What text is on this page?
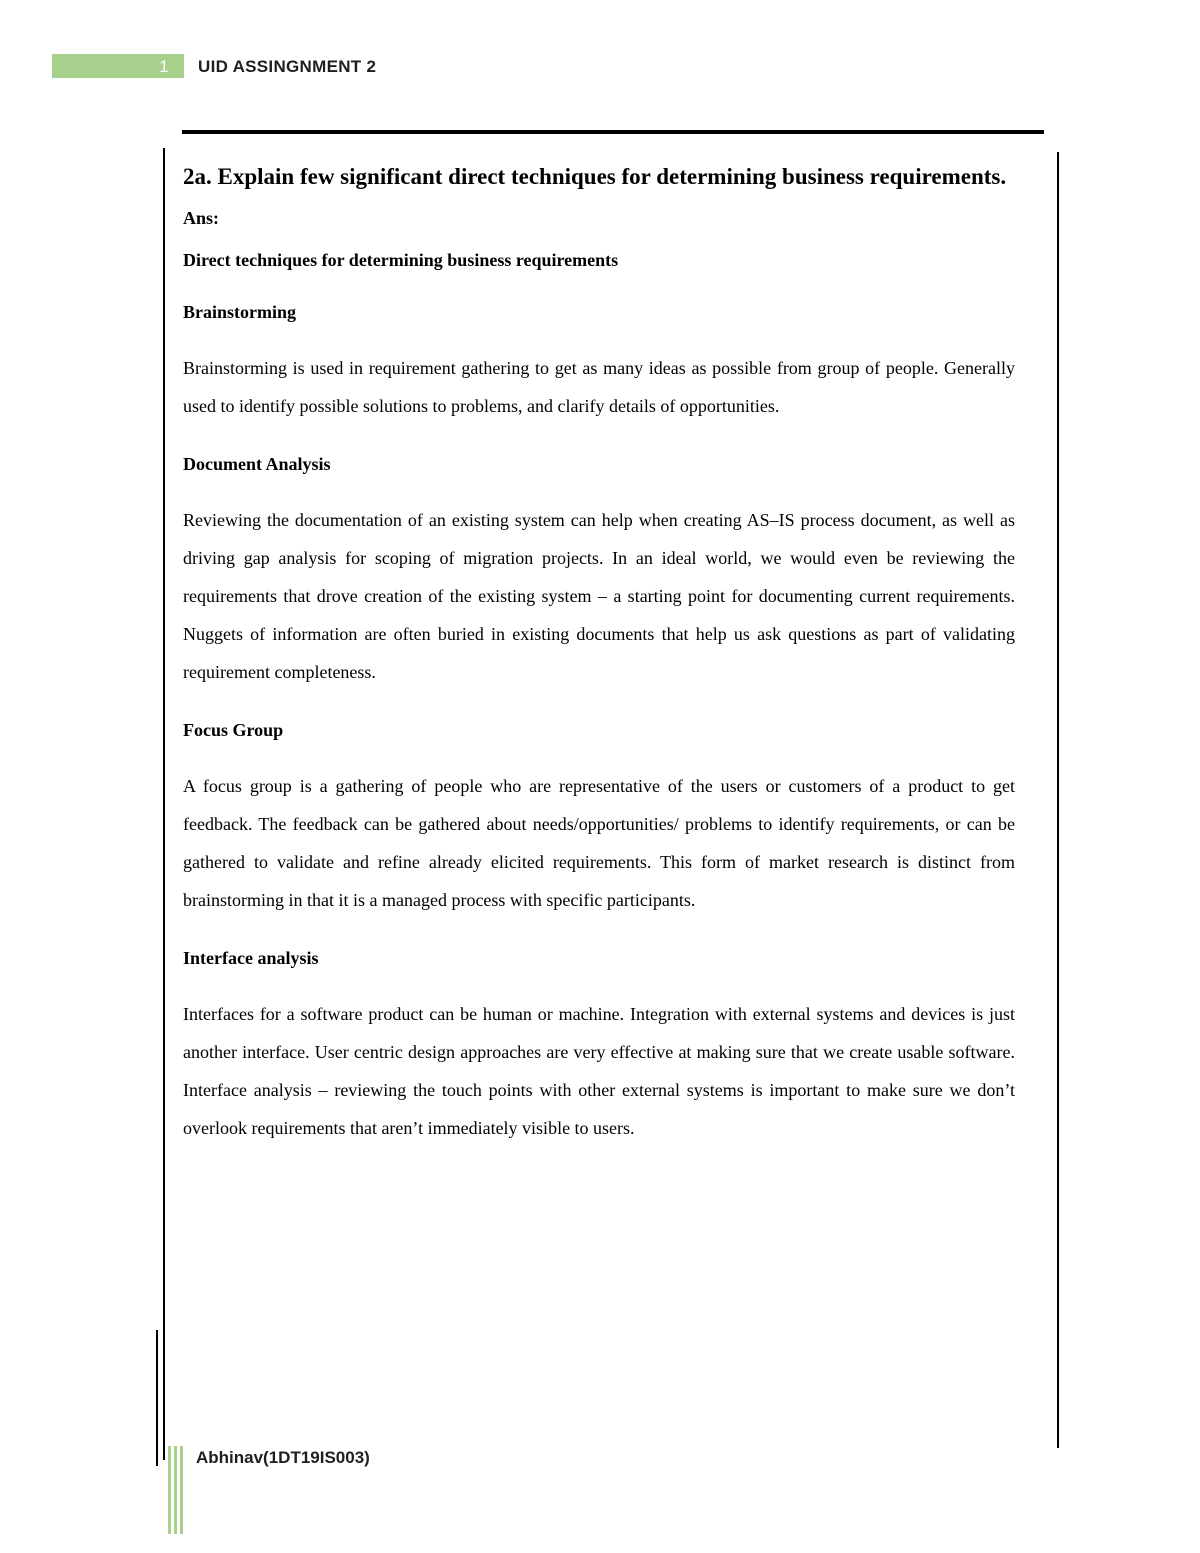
1	UID ASSINGNMENT 2

2a. Explain few significant direct techniques for determining business requirements.

Ans:

Direct techniques for determining business requirements

Brainstorming

Brainstorming is used in requirement gathering to get as many ideas as possible from group of people. Generally used to identify possible solutions to problems, and clarify details of opportunities.

Document Analysis

Reviewing the documentation of an existing system can help when creating AS–IS process document, as well as driving gap analysis for scoping of migration projects. In an ideal world, we would even be reviewing the requirements that drove creation of the existing system – a starting point for documenting current requirements. Nuggets of information are often buried in existing documents that help us ask questions as part of validating requirement completeness.

Focus Group

A focus group is a gathering of people who are representative of the users or customers of a product to get feedback. The feedback can be gathered about needs/opportunities/ problems to identify requirements, or can be gathered to validate and refine already elicited requirements. This form of market research is distinct from brainstorming in that it is a managed process with specific participants.

Interface analysis

Interfaces for a software product can be human or machine. Integration with external systems and devices is just another interface. User centric design approaches are very effective at making sure that we create usable software. Interface analysis – reviewing the touch points with other external systems is important to make sure we don’t overlook requirements that aren’t immediately visible to users.

Abhinav(1DT19IS003)
